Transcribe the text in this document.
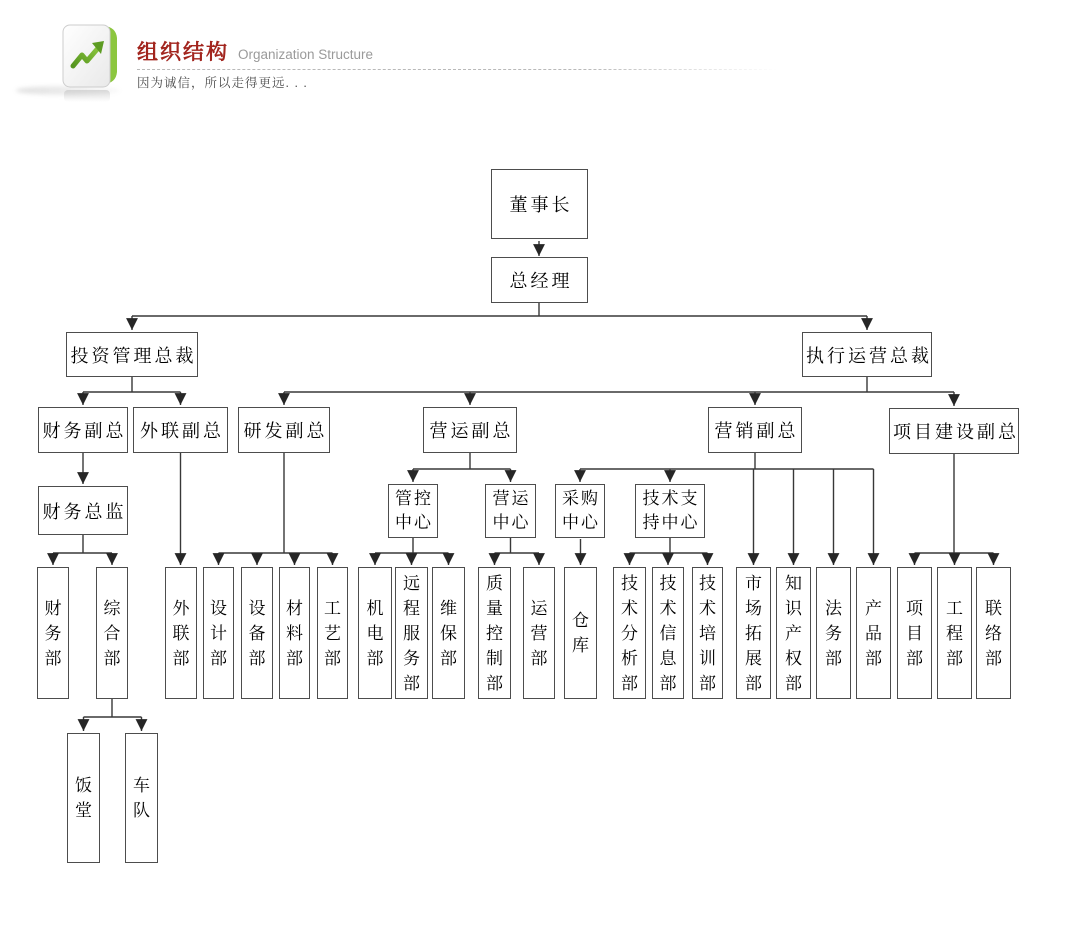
组织结构 Organization Structure
因为诚信，所以走得更远. . .
董事长
总经理
投资管理总裁	执行运营总裁
财务副总 外联副总 研发副总	营运副总	营销副总	项目建设副总
财务总监
管控中心
营运中心
采购中心
技术支持中心
财务部
综合部
外联部
设计部
设备部
材料部
工艺部
机电部
远程服务部
维保部
质量控制部
运营部
仓库
技术分析部
技术信息部
技术培训部
市场拓展部
知识产权部
法务部
产品部
项目部
工程部
联络部
饭堂
车队
